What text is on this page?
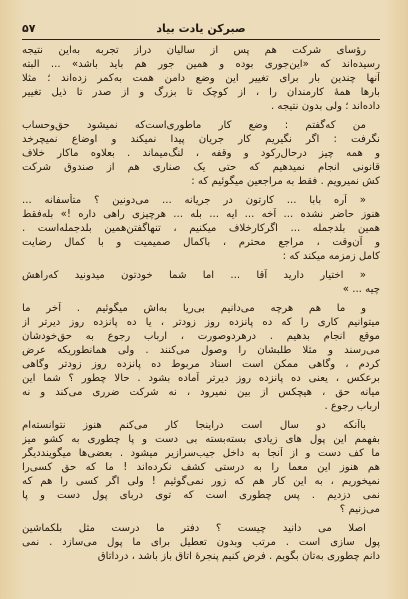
صبرکن یادت بیاد
۵۷
رؤسای شرکت هم پس از سالیان دراز تجربه به‌این نتیجه
رسیده‌اند که «این‌جوری بوده و همین جور هم باید باشد» ... البته
آنها چندین بار برای تغییر این وضع دامن همت به‌کمر زده‌اند ؛ مثلا
بارها همهٔ کارمندان را ، از کوچک تا بزرگ و از صدر تا ذیل تغییر
داده‌اند ؛ ولی بدون نتیجه .
من که‌گفتم : وضع کار ماطوری‌است‌که نمیشود حق‌وحساب
نگرفت : اگر نگیریم کار جریان پیدا نمیکند و اوضاع نمیچرخد
و همه چیز درحال‌رکود و وقفه ، لنگ‌میماند . بعلاوه ماکار خلاف
قانونی انجام نمیدهیم که حتی یک صناری هم از صندوق شرکت
کش نمیرویم . فقط به مراجعین میگوئیم که :
« آره بابا ... کارتون در جریانه ... می‌دونین ؟ متأسفانه ...
هنوز حاضر نشده ... آخه ... ایه ... بله ... هرچیزی راهی داره !» بله‌فقط
همین بلدجمله ... اگرکارخلاف میکنیم ، تنهاگفتن‌همین بلدجمله‌است .
و آن‌وقت ، مراجع محترم ، باکمال صمیمیت و با کمال رضایت
کامل زمزمه میکند که :
« اختیار دارید آقا ... اما شما خودتون میدونید که‌راهش
چیه ... »
و ما هم هرچه می‌دانیم بی‌ریا به‌اش میگوئیم . آخر ما
میتوانیم کاری را که ده‌ پانزده روز زودتر ، یا ده پانزده روز دیرتر از
موقع انجام بدهیم . درهردوصورت ، ارباب رجوع به حق‌خودشان
می‌رسند و مثلا طلبشان را وصول می‌کنند . ولی همانطوریکه عرض
کردم ، وگاهی ممکن است اسناد مربوط ده پانزده روز زودتر وگاهی
برعکس ، یعنی ده پانزده روز دیرتر آماده بشود . حالا چطور ؟ شما این
میانه حق ، هیچکس از بین نمیرود ، نه شرکت ضرری می‌کند و نه
ارباب رجوع .
باآنکه دو سال است دراینجا کار می‌کنم هنوز نتوانسته‌ام
بفهمم این پول های زیادی بسته‌بسته بی دست و پا چطوری به کشو میز
ما کف دست و از آنجا به داخل جیب‌سرازیر میشود . بعضی‌ها میگویند‌دیگر
هم هنوز این معما را به درستی کشف نکرده‌اند ! ما که حق کسی‌را
نمیخوریم ، به این کار هم که زور نمی‌گوئیم ! ولی اگر کسی را هم که
نمی دزدیم . پس چطوری است که توی دربای پول دست و پا
می‌زنیم ؟
اصلا می دانید چیست ؟ دفتر ما درست مثل بلکماشین
پول سازی است . مرتب وبدون تعطیل برای ما پول می‌سازد . نمی
دانم چطوری به‌تان بگویم . فرض کنیم پنجرهٔ اتاق باز باشد ، درداتاق
